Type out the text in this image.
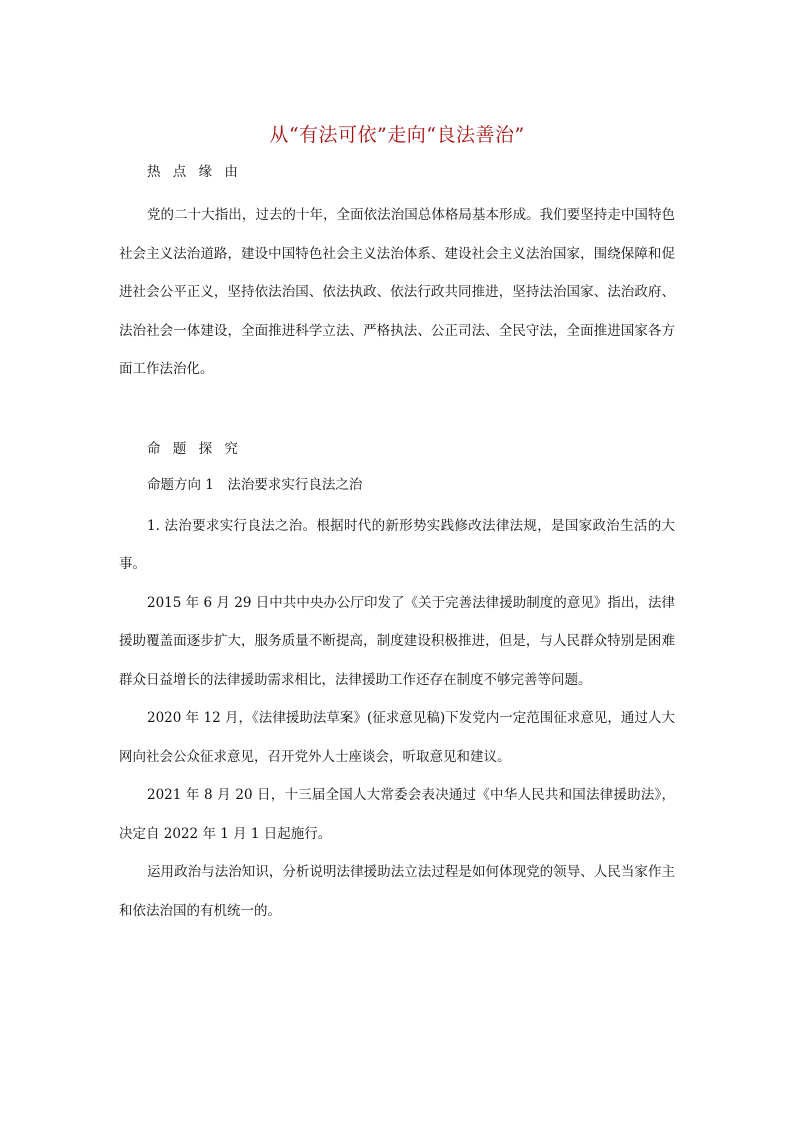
从“有法可依”走向“良法善治”

热 点 缘 由

党的二十大指出，过去的十年，全面依法治国总体格局基本形成。我们要坚持走中国特色社会主义法治道路，建设中国特色社会主义法治体系、建设社会主义法治国家，围绕保障和促进社会公平正义，坚持依法治国、依法执政、依法行政共同推进，坚持法治国家、法治政府、法治社会一体建设，全面推进科学立法、严格执法、公正司法、全民守法，全面推进国家各方面工作法治化。

命 题 探 究

命题方向 1　法治要求实行良法之治

1. 法治要求实行良法之治。根据时代的新形势实践修改法律法规，是国家政治生活的大事。

2015 年 6 月 29 日中共中央办公厅印发了《关于完善法律援助制度的意见》指出，法律援助覆盖面逐步扩大，服务质量不断提高，制度建设积极推进，但是，与人民群众特别是困难群众日益增长的法律援助需求相比，法律援助工作还存在制度不够完善等问题。

2020 年 12 月，《法律援助法草案》(征求意见稿)下发党内一定范围征求意见，通过人大网向社会公众征求意见，召开党外人士座谈会，听取意见和建议。

2021 年 8 月 20 日，十三届全国人大常委会表决通过《中华人民共和国法律援助法》，决定自 2022 年 1 月 1 日起施行。

运用政治与法治知识，分析说明法律援助法立法过程是如何体现党的领导、人民当家作主和依法治国的有机统一的。
